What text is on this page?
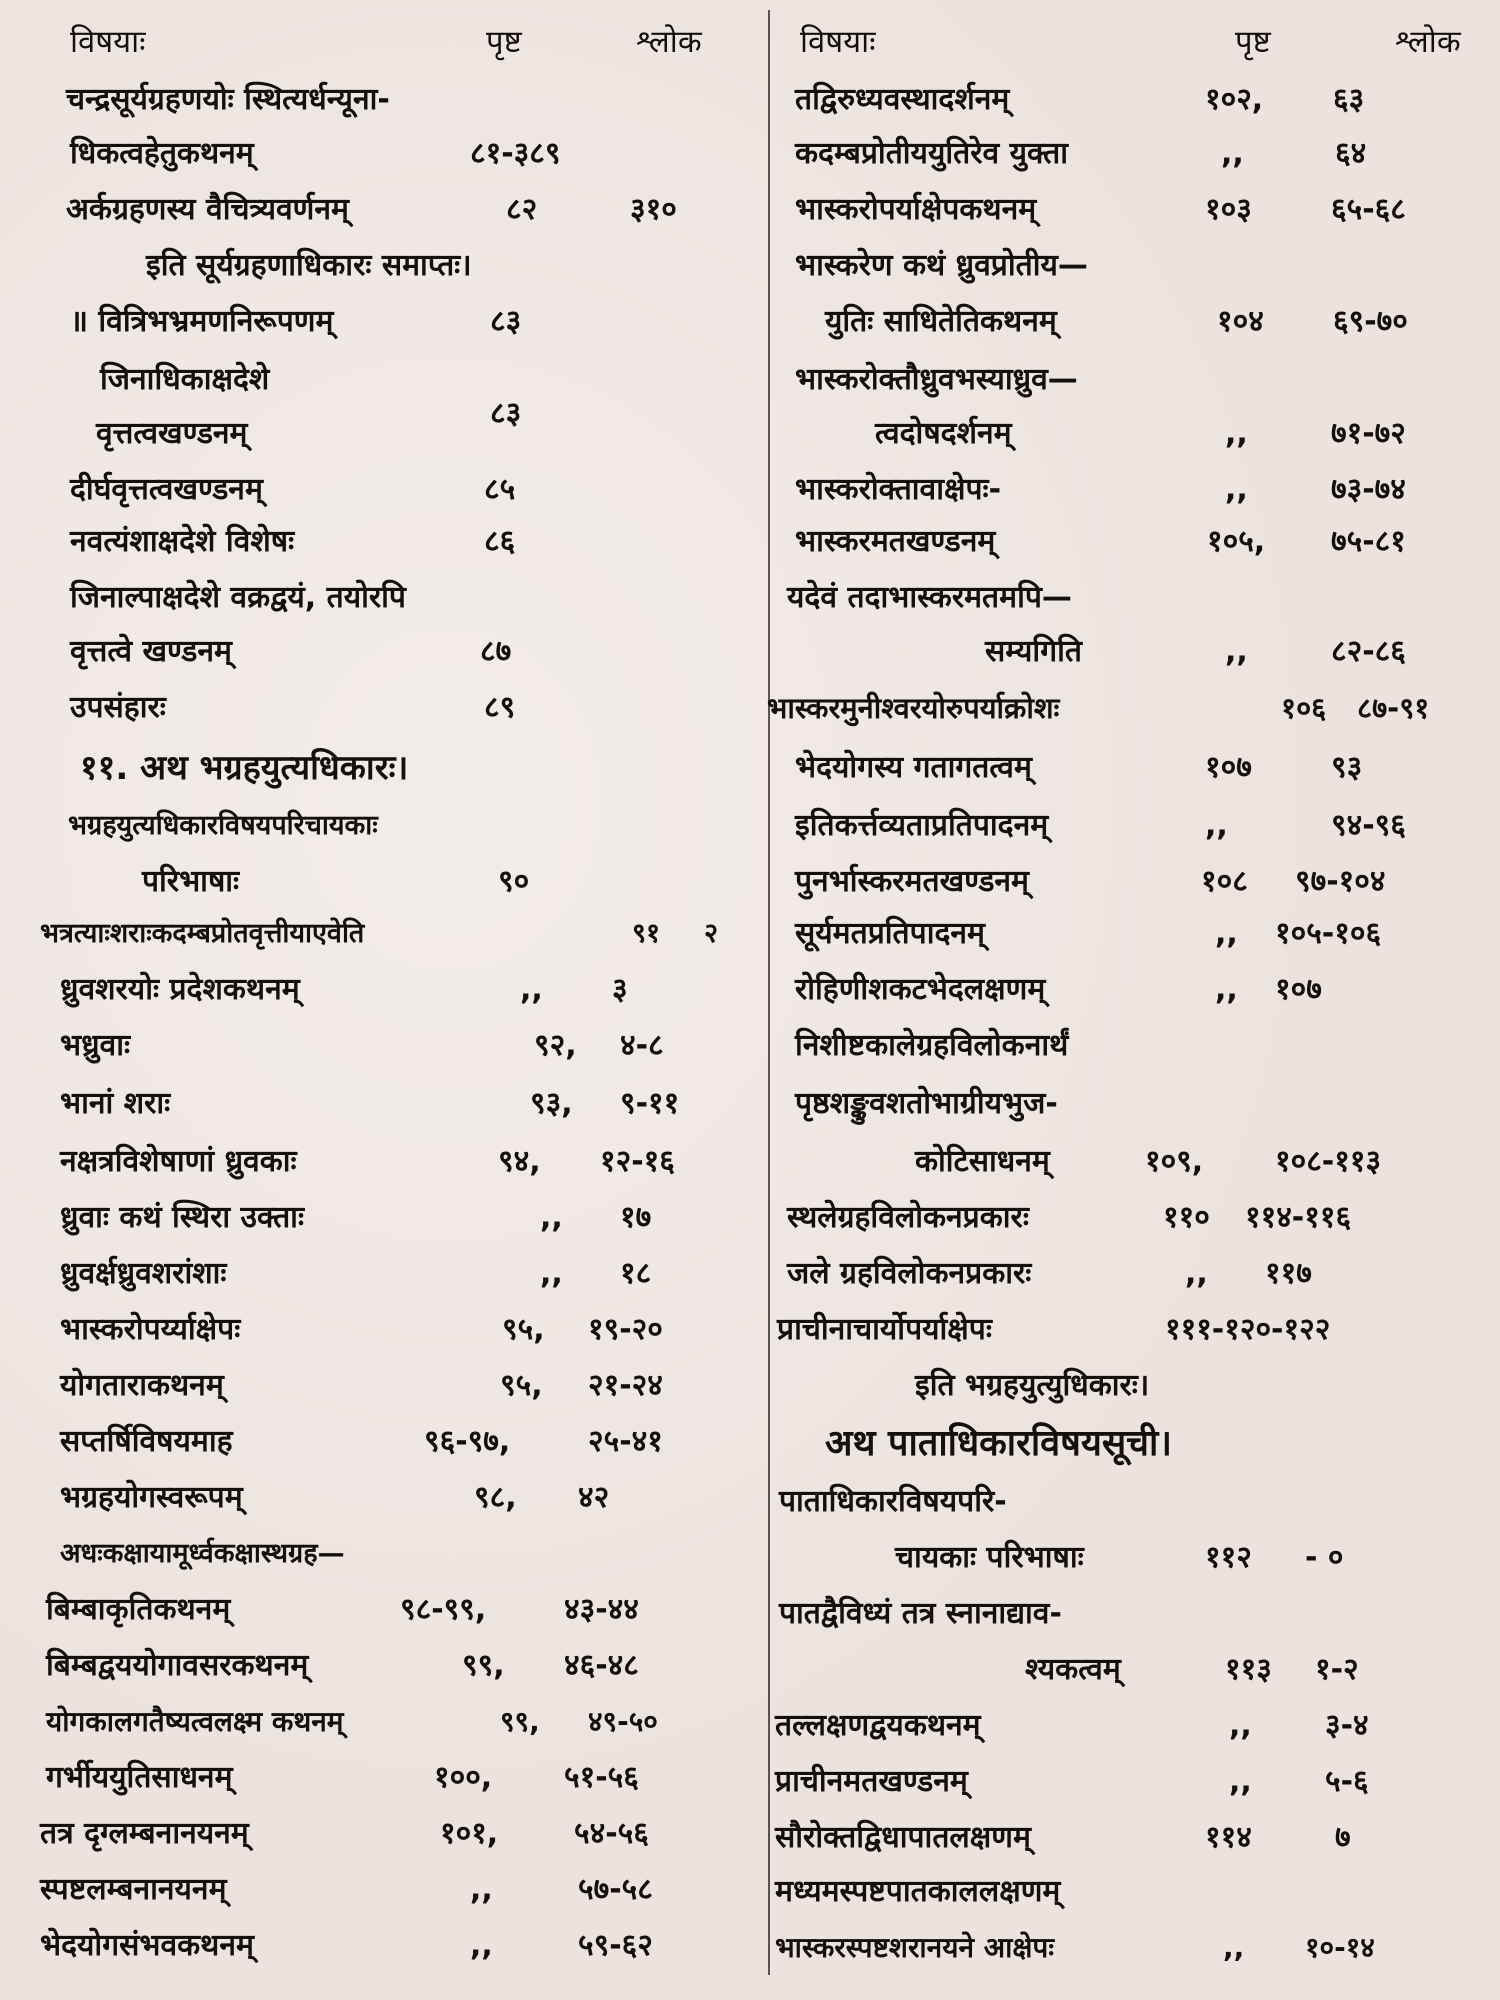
विषयाः	पृष्ट	श्लोक
चन्द्रसूर्यग्रहणयोः स्थित्यर्धन्यूना-
धिकत्वहेतुकथनम्	८१-३८९
अर्कग्रहणस्य वैचित्र्यवर्णनम्	८२	३१०
इति सूर्यग्रहणाधिकारः समाप्तः।
॥ वित्रिभभ्रमणनिरूपणम्	८३
जिनाधिकाक्षदेशे
वृत्तत्वखण्डनम्
८३
दीर्घवृत्तत्वखण्डनम्	८५
नवत्यंशाक्षदेशे विशेषः	८६
जिनाल्पाक्षदेशे वक्रद्वयं, तयोरपि
वृत्तत्वे खण्डनम्	८७
उपसंहारः	८९
११. अथ भग्रहयुत्यधिकारः।
भग्रहयुत्यधिकारविषयपरिचायकाः
परिभाषाः	९०
भत्रत्याःशराःकदम्बप्रोतवृत्तीयाएवेति	९१ २
ध्रुवशरयोः प्रदेशकथनम्	,, ३
भध्रुवाः	९२, ४-८
भानां शराः	९३, ९-११
नक्षत्रविशेषाणां ध्रुवकाः	९४, १२-१६
ध्रुवाः कथं स्थिरा उक्ताः	,, १७
ध्रुवर्क्षध्रुवशरांशाः	,, १८
भास्करोपर्य्याक्षेपः	९५, १९-२०
योगताराकथनम्	९५, २१-२४
सप्तर्षिविषयमाह	९६-९७,	२५-४१
भग्रहयोगस्वरूपम्	९८, ४२
अधःकक्षायामूर्ध्वकक्षास्थग्रह—
बिम्बाकृतिकथनम्	९८-९९,	४३-४४
बिम्बद्वययोगावसरकथनम्	९९, ४६-४८
योगकालगतैष्यत्वलक्ष्म कथनम्	९९, ४९-५०
गर्भीययुतिसाधनम्	१००, ५१-५६
तत्र दृग्लम्बनानयनम्	१०१,	५४-५६
स्पष्टलम्बनानयनम्	,,	५७-५८
भेदयोगसंभवकथनम्	,,	५९-६२
विषयाः	पृष्ट	श्लोक
तद्विरुध्यवस्थादर्शनम्	१०२, ६३
कदम्बप्रोतीययुतिरेव युक्ता	,,	६४
भास्करोपर्याक्षेपकथनम्	१०३	६५-६८
भास्करेण कथं ध्रुवप्रोतीय—
युतिः साधितेतिकथनम्	१०४ ६९-७०
भास्करोक्तौध्रुवभस्याध्रुव—
त्वदोषदर्शनम्	,,	७१-७२
भास्करोक्तावाक्षेपः-	,,	७३-७४
भास्करमतखण्डनम्	१०५, ७५-८१
यदेवं तदाभास्करमतमपि—
सम्यगिति	,,	८२-८६
भास्करमुनीश्वरयोरुपर्याक्रोशः	१०६ ८७-९१
भेदयोगस्य गतागतत्वम्	१०७	९३
इतिकर्त्तव्यताप्रतिपादनम्	,,	९४-९६
पुनर्भास्करमतखण्डनम्	१०८ ९७-१०४
सूर्यमतप्रतिपादनम्	,, १०५-१०६
रोहिणीशकटभेदलक्षणम्	,, १०७
निशीष्टकालेग्रहविलोकनार्थं
पृष्ठशङ्कुवशतोभाग्रीयभुज-
कोटिसाधनम्	१०९, १०८-११३
स्थलेग्रहविलोकनप्रकारः	११० ११४-११६
जले ग्रहविलोकनप्रकारः	,, ११७
प्राचीनाचार्योपर्याक्षेपः	१११-१२०-१२२
इति भग्रहयुत्युधिकारः।
अथ पाताधिकारविषयसूची।
पाताधिकारविषयपरि-
चायकाः परिभाषाः	११२ - ०
पातद्वैविध्यं तत्र स्नानाद्याव-
श्यकत्वम्	११३ १-२
तल्लक्षणद्वयकथनम्	,, ३-४
प्राचीनमतखण्डनम्	,, ५-६
सौरोक्तद्विधापातलक्षणम्	११४	७
मध्यमस्पष्टपातकाललक्षणम्
भास्करस्पष्टशरानयने आक्षेपः	,, १०-१४
